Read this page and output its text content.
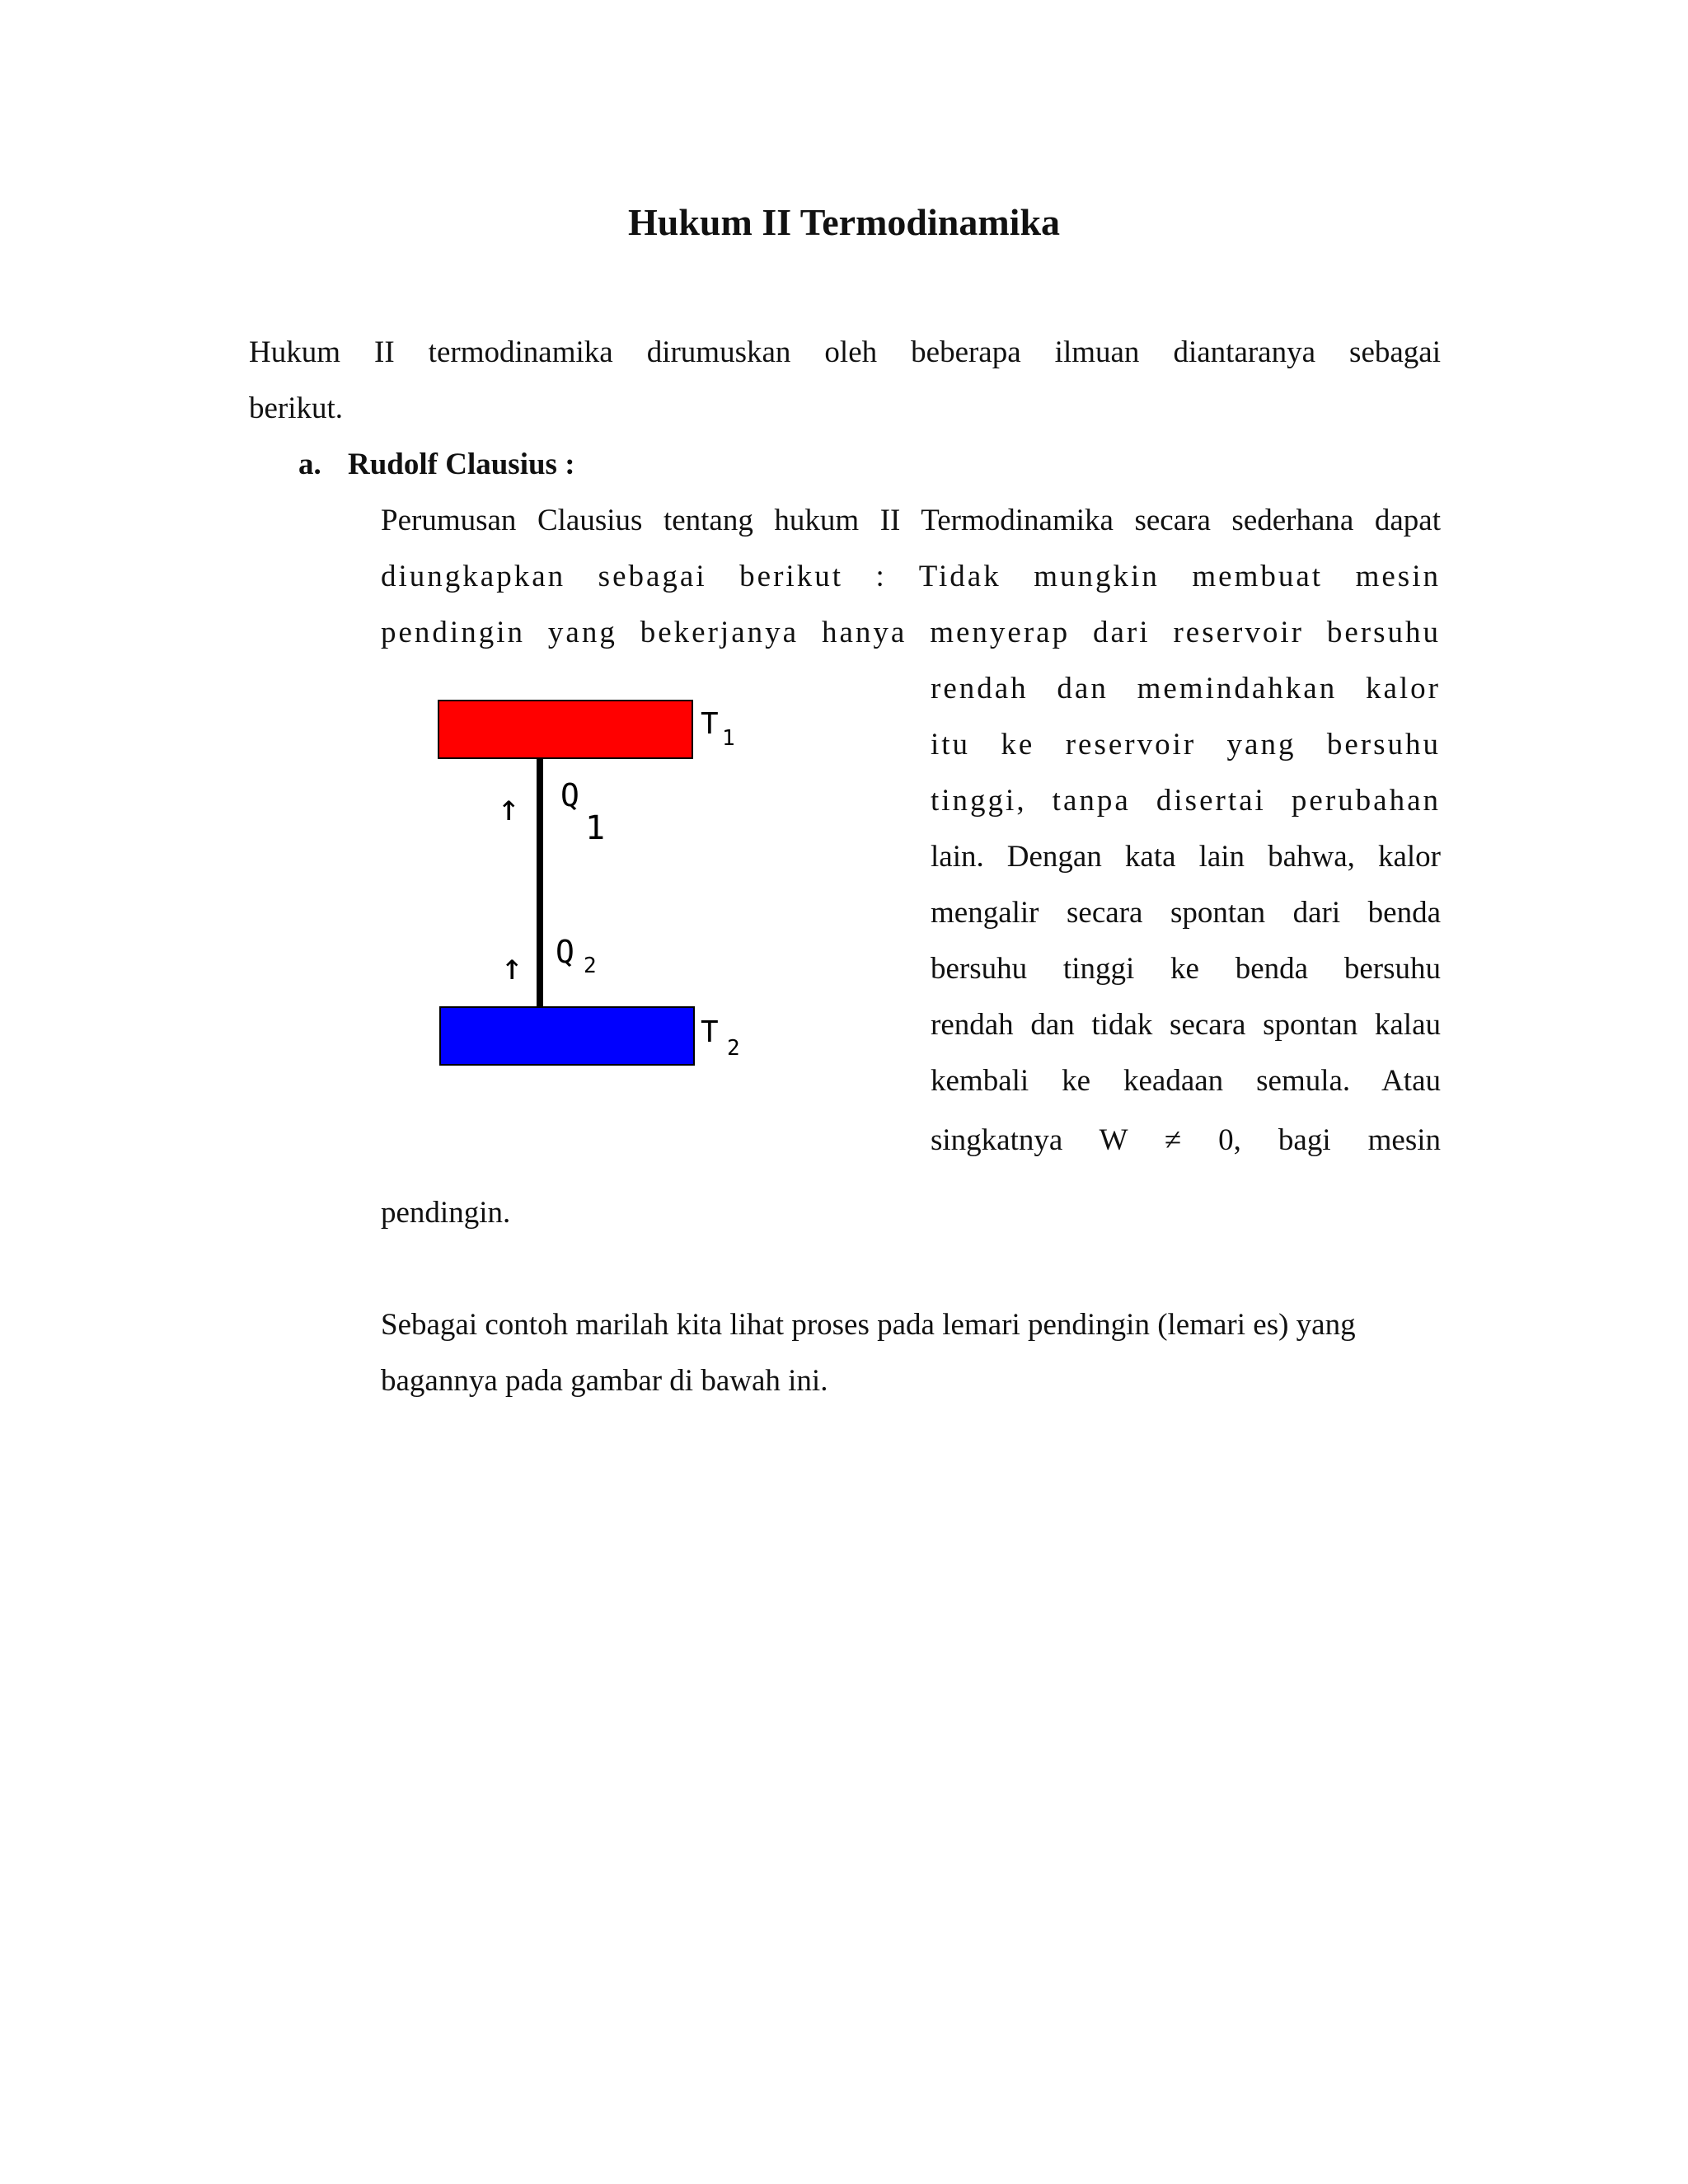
Hukum II Termodinamika
Hukum II termodinamika dirumuskan oleh beberapa ilmuan diantaranya sebagai
berikut.
a. Rudolf Clausius :
Perumusan Clausius tentang hukum II Termodinamika secara sederhana dapat
diungkapkan sebagai berikut : Tidak mungkin membuat mesin
pendingin yang bekerjanya hanya menyerap dari reservoir bersuhu
rendah dan memindahkan kalor
itu ke reservoir yang bersuhu
tinggi, tanpa disertai perubahan
lain. Dengan kata lain bahwa, kalor
mengalir secara spontan dari benda
bersuhu tinggi ke benda bersuhu
rendah dan tidak secara spontan kalau
kembali ke keadaan semula. Atau
singkatnya W ≠ 0, bagi mesin
pendingin.
Sebagai contoh marilah kita lihat proses pada lemari pendingin (lemari es) yang
bagannya pada gambar di bawah ini.
T 1
T 2
↑ Q
1
↑ Q 2
